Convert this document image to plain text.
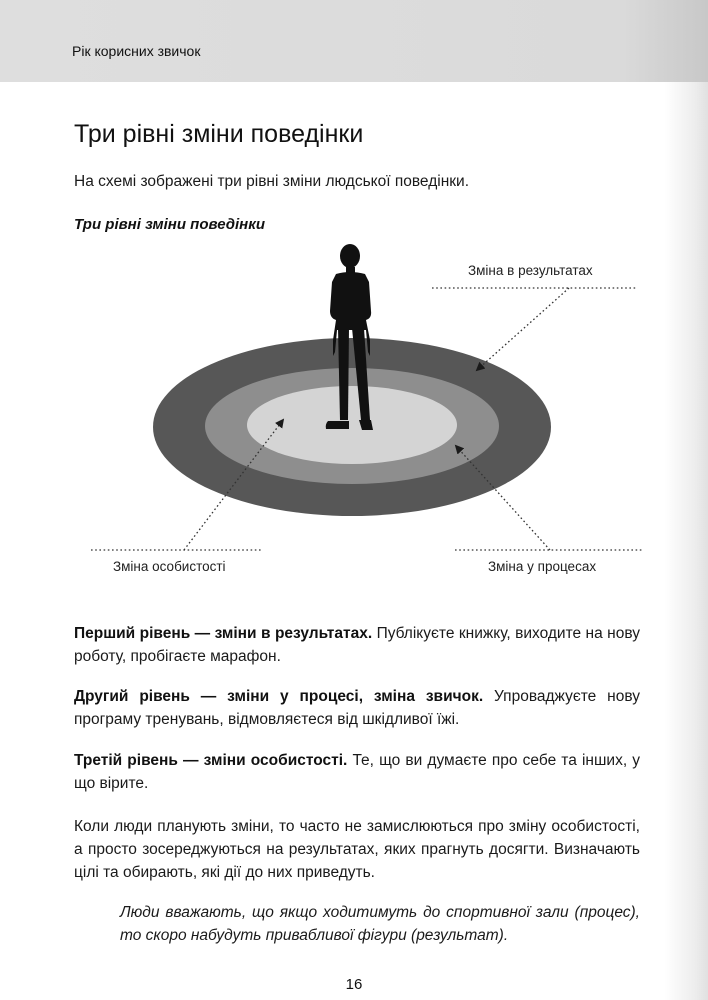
Рік корисних звичок
Три рівні зміни поведінки
На схемі зображені три рівні зміни людської поведінки.
Три рівні зміни поведінки
Зміна в результатах
Зміна особистості	Зміна у процесах

Перший рівень — зміни в результатах. Публікуєте книжку, виходите на нову роботу, пробігаєте марафон.

Другий рівень — зміни у процесі, зміна звичок. Упроваджуєте нову програму тренувань, відмовляєтеся від шкідливої їжі.

Третій рівень — зміни особистості. Те, що ви думаєте про себе та інших, у що вірите.

Коли люди планують зміни, то часто не замислюються про зміну особистості, а просто зосереджуються на результатах, яких прагнуть досягти. Визначають цілі та обирають, які дії до них приведуть.

Люди вважають, що якщо ходитимуть до спортивної зали (процес), то скоро набудуть привабливої фігури (результат).

16
